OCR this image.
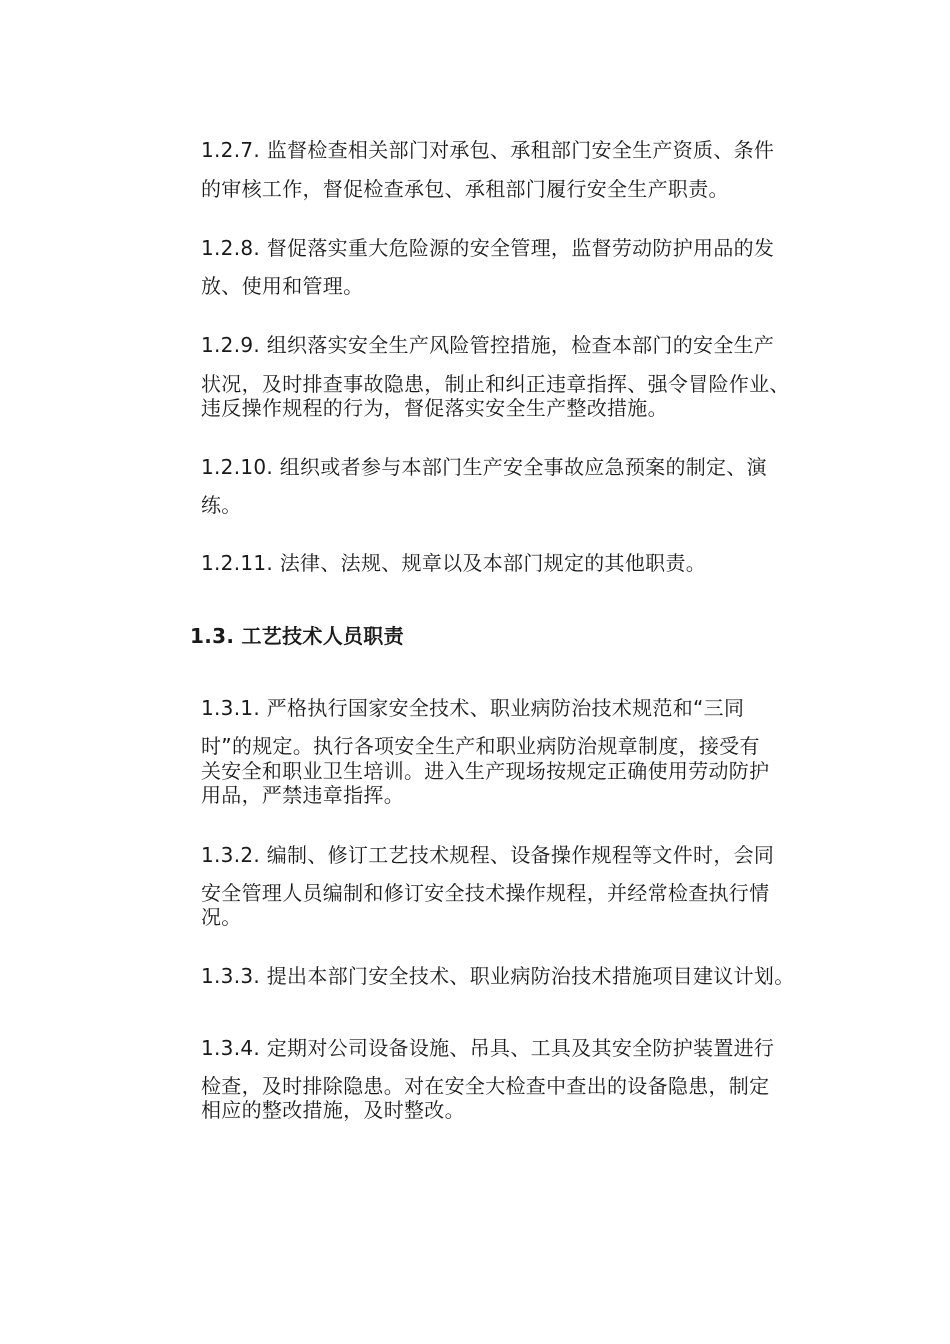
1.2.7. 监督检查相关部门对承包、承租部门安全生产资质、条件
的审核工作，督促检查承包、承租部门履行安全生产职责。
1.2.8. 督促落实重大危险源的安全管理，监督劳动防护用品的发
放、使用和管理。
1.2.9. 组织落实安全生产风险管控措施，检查本部门的安全生产
状况，及时排查事故隐患，制止和纠正违章指挥、强令冒险作业、
违反操作规程的行为，督促落实安全生产整改措施。
1.2.10. 组织或者参与本部门生产安全事故应急预案的制定、演
练。
1.2.11. 法律、法规、规章以及本部门规定的其他职责。
1.3. 工艺技术人员职责
1.3.1. 严格执行国家安全技术、职业病防治技术规范和“三同
时”的规定。执行各项安全生产和职业病防治规章制度，接受有
关安全和职业卫生培训。进入生产现场按规定正确使用劳动防护
用品，严禁违章指挥。
1.3.2. 编制、修订工艺技术规程、设备操作规程等文件时，会同
安全管理人员编制和修订安全技术操作规程，并经常检查执行情
况。
1.3.3. 提出本部门安全技术、职业病防治技术措施项目建议计划。
1.3.4. 定期对公司设备设施、吊具、工具及其安全防护装置进行
检查，及时排除隐患。对在安全大检查中查出的设备隐患，制定
相应的整改措施，及时整改。
